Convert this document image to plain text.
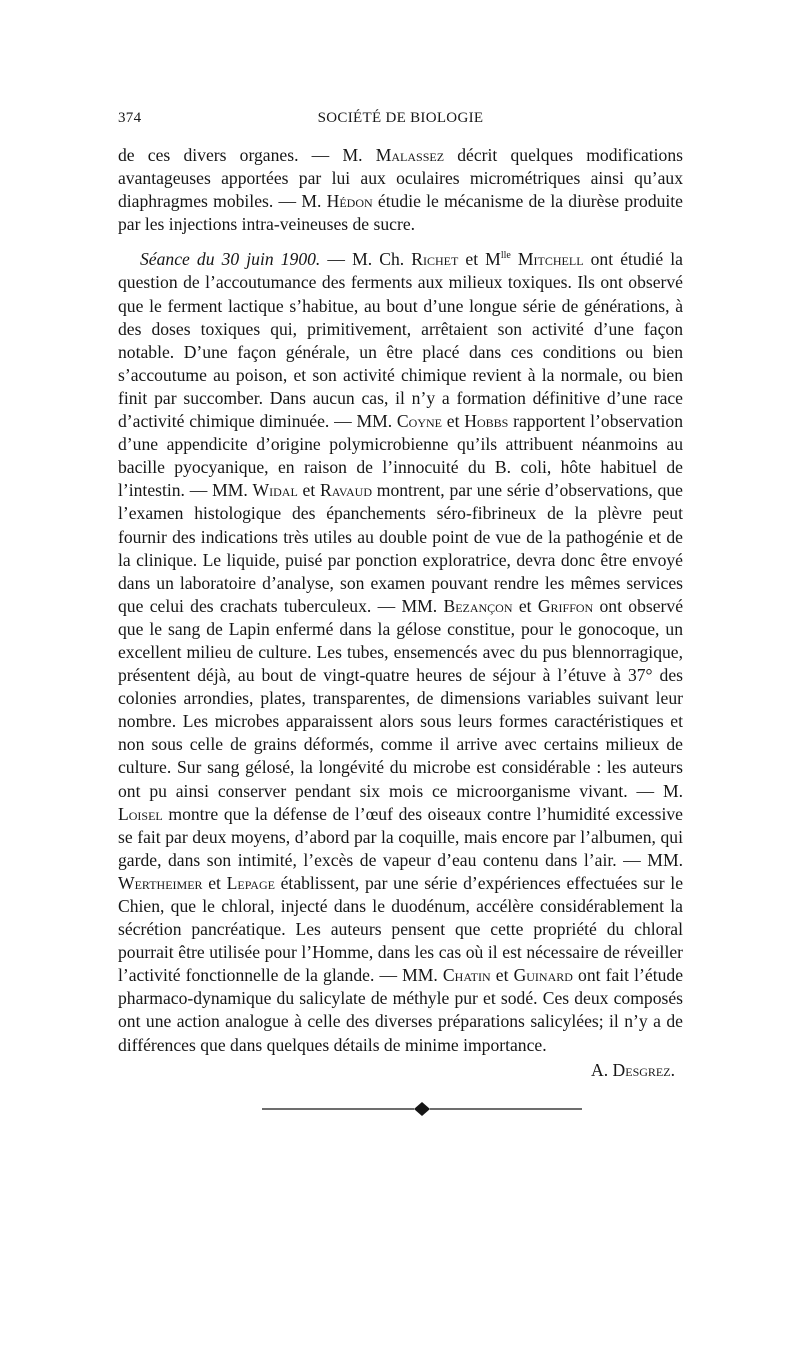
374	SOCIÉTÉ DE BIOLOGIE

de ces divers organes. — M. Malassez décrit quelques modifications avantageuses apportées par lui aux oculaires micrométriques ainsi qu’aux diaphragmes mobiles. — M. Hédon étudie le mécanisme de la diurèse produite par les injections intra-veineuses de sucre.

Séance du 30 juin 1900. — M. Ch. Richet et $M^{lle}$ Mitchell ont étudié la question de l’accoutumance des ferments aux milieux toxiques. Ils ont observé que le ferment lactique s’habitue, au bout d’une longue série de générations, à des doses toxiques qui, primitivement, arrêtaient son activité d’une façon notable. D’une façon générale, un être placé dans ces conditions ou bien s’accoutume au poison, et son activité chimique revient à la normale, ou bien finit par succomber. Dans aucun cas, il n’y a formation définitive d’une race d’activité chimique diminuée. — MM. Coyne et Hobbs rapportent l’observation d’une appendicite d’origine polymicrobienne qu’ils attribuent néanmoins au bacille pyocyanique, en raison de l’innocuité du B. coli, hôte habituel de l’intestin. — MM. Widal et Ravaud montrent, par une série d’observations, que l’examen histologique des épanchements séro-fibrineux de la plèvre peut fournir des indications très utiles au double point de vue de la pathogénie et de la clinique. Le liquide, puisé par ponction exploratrice, devra donc être envoyé dans un laboratoire d’analyse, son examen pouvant rendre les mêmes services que celui des crachats tuberculeux. — MM. Bezançon et Griffon ont observé que le sang de Lapin enfermé dans la gélose constitue, pour le gonocoque, un excellent milieu de culture. Les tubes, ensemencés avec du pus blennorragique, présentent déjà, au bout de vingt-quatre heures de séjour à l’étuve à 37° des colonies arrondies, plates, transparentes, de dimensions variables suivant leur nombre. Les microbes apparaissent alors sous leurs formes caractéristiques et non sous celle de grains déformés, comme il arrive avec certains milieux de culture. Sur sang gélosé, la longévité du microbe est considérable : les auteurs ont pu ainsi conserver pendant six mois ce microorganisme vivant. — M. Loisel montre que la défense de l’œuf des oiseaux contre l’humidité excessive se fait par deux moyens, d’abord par la coquille, mais encore par l’albumen, qui garde, dans son intimité, l’excès de vapeur d’eau contenu dans l’air. — MM. Wertheimer et Lepage établissent, par une série d’expériences effectuées sur le Chien, que le chloral, injecté dans le duodénum, accélère considérablement la sécrétion pancréatique. Les auteurs pensent que cette propriété du chloral pourrait être utilisée pour l’Homme, dans les cas où il est nécessaire de réveiller l’activité fonctionnelle de la glande. — MM. Chatin et Guinard ont fait l’étude pharmaco-dynamique du salicylate de méthyle pur et sodé. Ces deux composés ont une action analogue à celle des diverses préparations salicylées; il n’y a de différences que dans quelques détails de minime importance.

A. Desgrez.
